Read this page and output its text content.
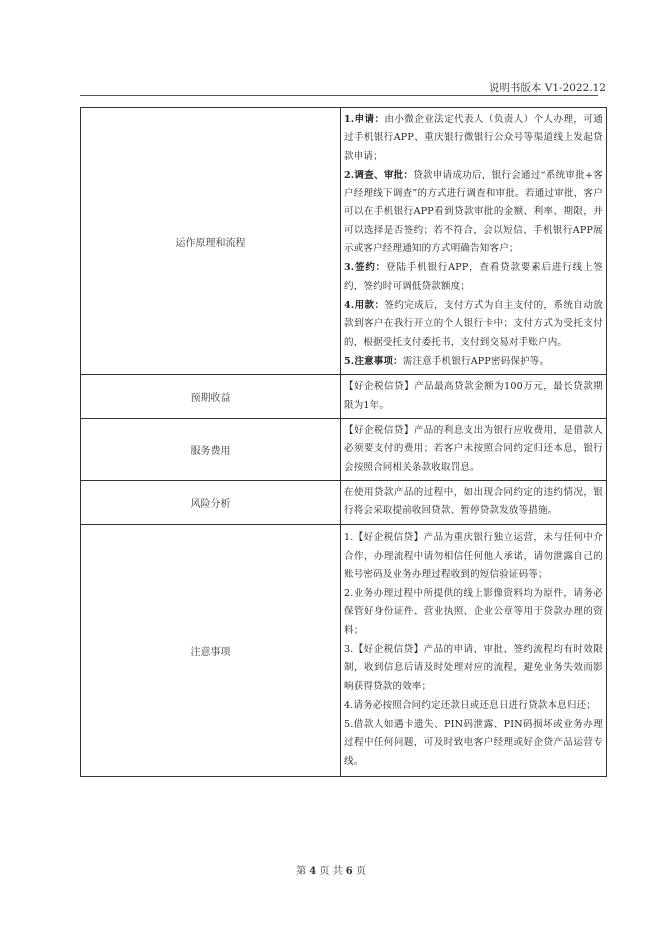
说明书版本 V1-2022.12
运作原理和流程	1.申请：由小微企业法定代表人（负责人）个人办理，可通过手机银行APP、重庆银行微银行公众号等渠道线上发起贷款申请；
2.调查、审批：贷款申请成功后，银行会通过“系统审批+客户经理线下调查”的方式进行调查和审批。若通过审批，客户可以在手机银行APP看到贷款审批的金额、利率、期限，并可以选择是否签约；若不符合，会以短信、手机银行APP展示或客户经理通知的方式明确告知客户；
3.签约：登陆手机银行APP，查看贷款要素后进行线上签约，签约时可调低贷款额度；
4.用款：签约完成后，支付方式为自主支付的，系统自动放款到客户在我行开立的个人银行卡中；支付方式为受托支付的，根据受托支付委托书，支付到交易对手账户内。
5.注意事项：需注意手机银行APP密码保护等。

预期收益	【好企税信贷】产品最高贷款金额为100万元，最长贷款期限为1年。
服务费用	【好企税信贷】产品的利息支出为银行应收费用，是借款人必须要支付的费用；若客户未按照合同约定归还本息，银行会按照合同相关条款收取罚息。
风险分析	在使用贷款产品的过程中，如出现合同约定的违约情况，银行将会采取提前收回贷款、暂停贷款发放等措施。
注意事项	1.【好企税信贷】产品为重庆银行独立运营，未与任何中介合作，办理流程中请勿相信任何他人承诺，请勿泄露自己的账号密码及业务办理过程收到的短信验证码等；
2.业务办理过程中所提供的线上影像资料均为原件，请务必保管好身份证件、营业执照、企业公章等用于贷款办理的资料；
3.【好企税信贷】产品的申请、审批、签约流程均有时效限制，收到信息后请及时处理对应的流程，避免业务失效而影响获得贷款的效率；
4.请务必按照合同约定还款日或还息日进行贷款本息归还；
5.借款人如遇卡遗失、PIN码泄露、PIN码损坏或业务办理过程中任何问题，可及时致电客户经理或好企贷产品运营专线。
第 4 页 共 6 页
